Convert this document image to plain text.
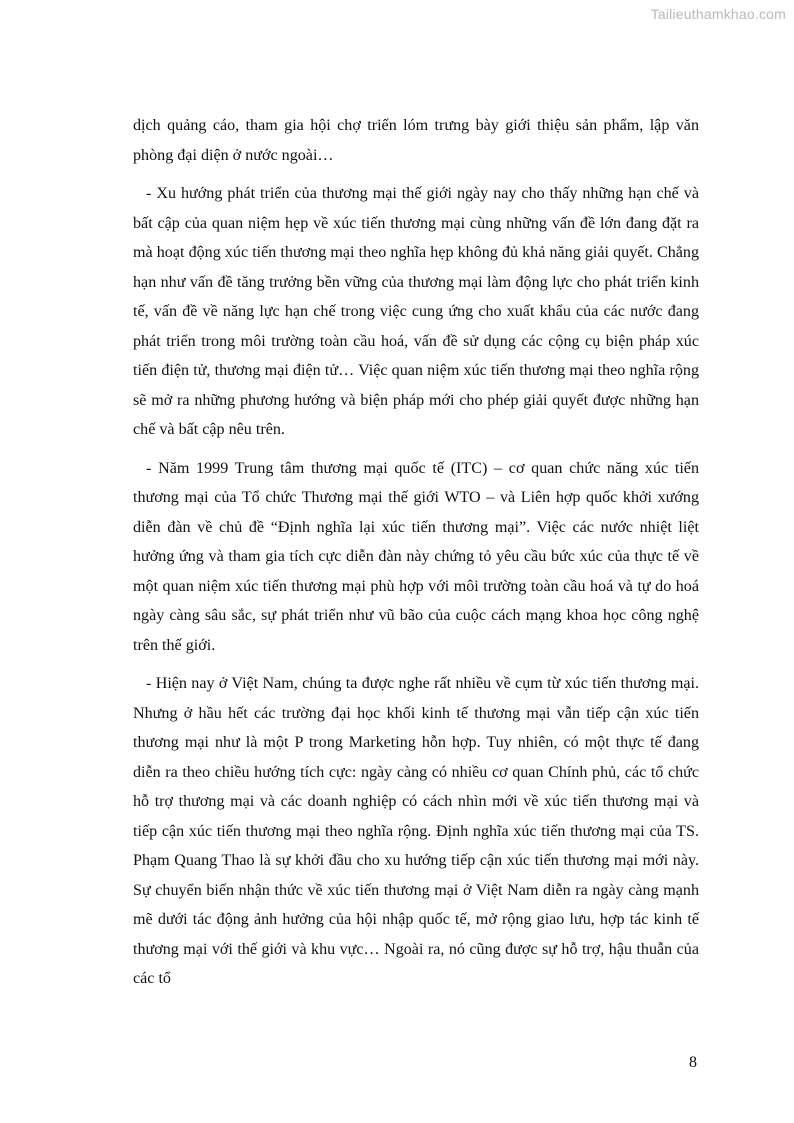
Tailieuthamkhao.com

dịch quảng cáo, tham gia hội chợ triển lóm trưng bày giới thiệu sản phẩm, lập văn phòng đại diện ở nước ngoài…

- Xu hướng phát triển của thương mại thế giới ngày nay cho thấy những hạn chế và bất cập của quan niệm hẹp về xúc tiến thương mại cùng những vấn đề lớn đang đặt ra mà hoạt động xúc tiến thương mại theo nghĩa hẹp không đủ khả năng giải quyết. Chẳng hạn như vấn đề tăng trưởng bền vững của thương mại làm động lực cho phát triển kinh tế, vấn đề về năng lực hạn chế trong việc cung ứng cho xuất khẩu của các nước đang phát triển trong môi trường toàn cầu hoá, vấn đề sử dụng các cộng cụ biện pháp xúc tiến điện tử, thương mại điện tử… Việc quan niệm xúc tiến thương mại theo nghĩa rộng sẽ mở ra những phương hướng và biện pháp mới cho phép giải quyết được những hạn chế và bất cập nêu trên.

- Năm 1999 Trung tâm thương mại quốc tế (ITC) – cơ quan chức năng xúc tiến thương mại của Tổ chức Thương mại thế giới WTO – và Liên hợp quốc khởi xướng diễn đàn về chủ đề “Định nghĩa lại xúc tiến thương mại”. Việc các nước nhiệt liệt hưởng ứng và tham gia tích cực diễn đàn này chứng tỏ yêu cầu bức xúc của thực tế về một quan niệm xúc tiến thương mại phù hợp với môi trường toàn cầu hoá và tự do hoá ngày càng sâu sắc, sự phát triển như vũ bão của cuộc cách mạng khoa học công nghệ trên thế giới.

- Hiện nay ở Việt Nam, chúng ta được nghe rất nhiều về cụm từ xúc tiến thương mại. Nhưng ở hầu hết các trường đại học khối kinh tế thương mại vẫn tiếp cận xúc tiến thương mại như là một P trong Marketing hỗn hợp. Tuy nhiên, có một thực tế đang diễn ra theo chiều hướng tích cực: ngày càng có nhiều cơ quan Chính phủ, các tổ chức hỗ trợ thương mại và các doanh nghiệp có cách nhìn mới về xúc tiến thương mại và tiếp cận xúc tiến thương mại theo nghĩa rộng. Định nghĩa xúc tiến thương mại của TS. Phạm Quang Thao là sự khởi đầu cho xu hướng tiếp cận xúc tiến thương mại mới này. Sự chuyển biến nhận thức về xúc tiến thương mại ở Việt Nam diễn ra ngày càng mạnh mẽ dưới tác động ảnh hưởng của hội nhập quốc tế, mở rộng giao lưu, hợp tác kinh tế thương mại với thế giới và khu vực… Ngoài ra, nó cũng được sự hỗ trợ, hậu thuẫn của các tổ

8
